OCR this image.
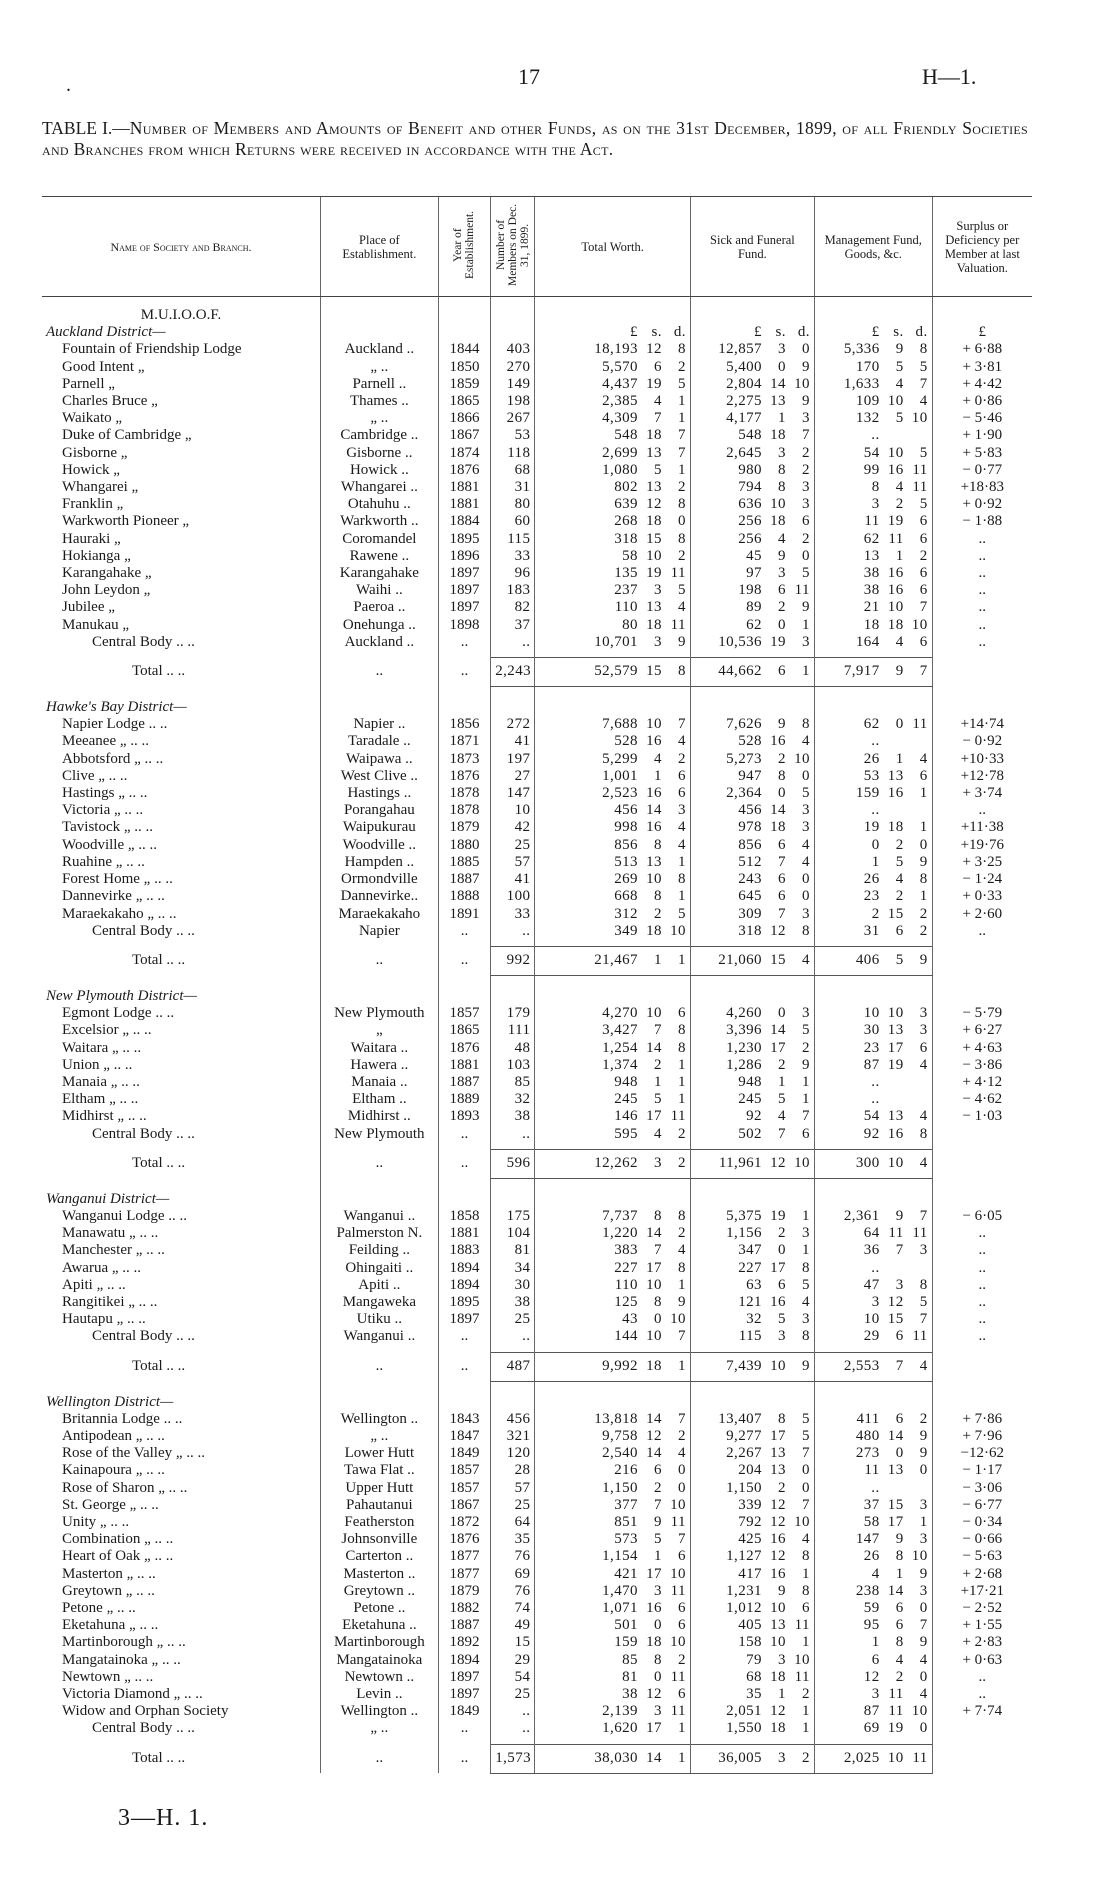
.	17	H—1.
TABLE I.—Number of Members and Amounts of Benefit and other Funds, as on the 31st December, 1899, of all Friendly Societies and Branches from which Returns were received in accordance with the Act.
Name of Society and Branch.	Place of Establishment.	Year of Establishment.	Number of Members on Dec. 31, 1899.	Total Worth.	Sick and Funeral Fund.	Management Fund, Goods, &c.	Surplus or Deficiency per Member at last Valuation.

M.U.I.O.O.F.							
Auckland District—				£ s. d.	£ s. d.	£ s. d.	£
Fountain of Friendship Lodge	Auckland ..	1844	403	18,193 12 8	12,857 3 0	5,336 9 8	+ 6·88
Good Intent „	„ ..	1850	270	5,570 6 2	5,400 0 9	170 5 5	+ 3·81
Parnell „	Parnell ..	1859	149	4,437 19 5	2,804 14 10	1,633 4 7	+ 4·42
Charles Bruce „	Thames ..	1865	198	2,385 4 1	2,275 13 9	109 10 4	+ 0·86
Waikato „	„ ..	1866	267	4,309 7 1	4,177 1 3	132 5 10	− 5·46
Duke of Cambridge „	Cambridge ..	1867	53	548 18 7	548 18 7	..	+ 1·90
Gisborne „	Gisborne ..	1874	118	2,699 13 7	2,645 3 2	54 10 5	+ 5·83
Howick „	Howick ..	1876	68	1,080 5 1	980 8 2	99 16 11	− 0·77
Whangarei „	Whangarei ..	1881	31	802 13 2	794 8 3	8 4 11	+18·83
Franklin „	Otahuhu ..	1881	80	639 12 8	636 10 3	3 2 5	+ 0·92
Warkworth Pioneer „	Warkworth ..	1884	60	268 18 0	256 18 6	11 19 6	− 1·88
Hauraki „	Coromandel	1895	115	318 15 8	256 4 2	62 11 6	..
Hokianga „	Rawene ..	1896	33	58 10 2	45 9 0	13 1 2	..
Karangahake „	Karangahake	1897	96	135 19 11	97 3 5	38 16 6	..
John Leydon „	Waihi ..	1897	183	237 3 5	198 6 11	38 16 6	..
Jubilee „	Paeroa ..	1897	82	110 13 4	89 2 9	21 10 7	..
Manukau „	Onehunga ..	1898	37	80 18 11	62 0 1	18 18 10	..
Central Body .. ..	Auckland ..	..	..	10,701 3 9	10,536 19 3	164 4 6	..

Total .. ..	..	..	2,243	52,579 15 8	44,662 6 1	7,917 9 7	

Hawke's Bay District—							
Napier Lodge .. ..	Napier ..	1856	272	7,688 10 7	7,626 9 8	62 0 11	+14·74
Meeanee „ .. ..	Taradale ..	1871	41	528 16 4	528 16 4	..	− 0·92
Abbotsford „ .. ..	Waipawa ..	1873	197	5,299 4 2	5,273 2 10	26 1 4	+10·33
Clive „ .. ..	West Clive ..	1876	27	1,001 1 6	947 8 0	53 13 6	+12·78
Hastings „ .. ..	Hastings ..	1878	147	2,523 16 6	2,364 0 5	159 16 1	+ 3·74
Victoria „ .. ..	Porangahau	1878	10	456 14 3	456 14 3	..	..
Tavistock „ .. ..	Waipukurau	1879	42	998 16 4	978 18 3	19 18 1	+11·38
Woodville „ .. ..	Woodville ..	1880	25	856 8 4	856 6 4	0 2 0	+19·76
Ruahine „ .. ..	Hampden ..	1885	57	513 13 1	512 7 4	1 5 9	+ 3·25
Forest Home „ .. ..	Ormondville	1887	41	269 10 8	243 6 0	26 4 8	− 1·24
Dannevirke „ .. ..	Dannevirke..	1888	100	668 8 1	645 6 0	23 2 1	+ 0·33
Maraekakaho „ .. ..	Maraekakaho	1891	33	312 2 5	309 7 3	2 15 2	+ 2·60
Central Body .. ..	Napier	..	..	349 18 10	318 12 8	31 6 2	..

Total .. ..	..	..	992	21,467 1 1	21,060 15 4	406 5 9	

New Plymouth District—							
Egmont Lodge .. ..	New Plymouth	1857	179	4,270 10 6	4,260 0 3	10 10 3	− 5·79
Excelsior „ .. ..	„	1865	111	3,427 7 8	3,396 14 5	30 13 3	+ 6·27
Waitara „ .. ..	Waitara ..	1876	48	1,254 14 8	1,230 17 2	23 17 6	+ 4·63
Union „ .. ..	Hawera ..	1881	103	1,374 2 1	1,286 2 9	87 19 4	− 3·86
Manaia „ .. ..	Manaia ..	1887	85	948 1 1	948 1 1	..	+ 4·12
Eltham „ .. ..	Eltham ..	1889	32	245 5 1	245 5 1	..	− 4·62
Midhirst „ .. ..	Midhirst ..	1893	38	146 17 11	92 4 7	54 13 4	− 1·03
Central Body .. ..	New Plymouth	..	..	595 4 2	502 7 6	92 16 8	

Total .. ..	..	..	596	12,262 3 2	11,961 12 10	300 10 4	

Wanganui District—							
Wanganui Lodge .. ..	Wanganui ..	1858	175	7,737 8 8	5,375 19 1	2,361 9 7	− 6·05
Manawatu „ .. ..	Palmerston N.	1881	104	1,220 14 2	1,156 2 3	64 11 11	..
Manchester „ .. ..	Feilding ..	1883	81	383 7 4	347 0 1	36 7 3	..
Awarua „ .. ..	Ohingaiti ..	1894	34	227 17 8	227 17 8	..	..
Apiti „ .. ..	Apiti ..	1894	30	110 10 1	63 6 5	47 3 8	..
Rangitikei „ .. ..	Mangaweka	1895	38	125 8 9	121 16 4	3 12 5	..
Hautapu „ .. ..	Utiku ..	1897	25	43 0 10	32 5 3	10 15 7	..
Central Body .. ..	Wanganui ..	..	..	144 10 7	115 3 8	29 6 11	..

Total .. ..	..	..	487	9,992 18 1	7,439 10 9	2,553 7 4	

Wellington District—							
Britannia Lodge .. ..	Wellington ..	1843	456	13,818 14 7	13,407 8 5	411 6 2	+ 7·86
Antipodean „ .. ..	„ ..	1847	321	9,758 12 2	9,277 17 5	480 14 9	+ 7·96
Rose of the Valley „ .. ..	Lower Hutt	1849	120	2,540 14 4	2,267 13 7	273 0 9	−12·62
Kainapoura „ .. ..	Tawa Flat ..	1857	28	216 6 0	204 13 0	11 13 0	− 1·17
Rose of Sharon „ .. ..	Upper Hutt	1857	57	1,150 2 0	1,150 2 0	..	− 3·06
St. George „ .. ..	Pahautanui	1867	25	377 7 10	339 12 7	37 15 3	− 6·77
Unity „ .. ..	Featherston	1872	64	851 9 11	792 12 10	58 17 1	− 0·34
Combination „ .. ..	Johnsonville	1876	35	573 5 7	425 16 4	147 9 3	− 0·66
Heart of Oak „ .. ..	Carterton ..	1877	76	1,154 1 6	1,127 12 8	26 8 10	− 5·63
Masterton „ .. ..	Masterton ..	1877	69	421 17 10	417 16 1	4 1 9	+ 2·68
Greytown „ .. ..	Greytown ..	1879	76	1,470 3 11	1,231 9 8	238 14 3	+17·21
Petone „ .. ..	Petone ..	1882	74	1,071 16 6	1,012 10 6	59 6 0	− 2·52
Eketahuna „ .. ..	Eketahuna ..	1887	49	501 0 6	405 13 11	95 6 7	+ 1·55
Martinborough „ .. ..	Martinborough	1892	15	159 18 10	158 10 1	1 8 9	+ 2·83
Mangatainoka „ .. ..	Mangatainoka	1894	29	85 8 2	79 3 10	6 4 4	+ 0·63
Newtown „ .. ..	Newtown ..	1897	54	81 0 11	68 18 11	12 2 0	..
Victoria Diamond „ .. ..	Levin ..	1897	25	38 12 6	35 1 2	3 11 4	..
Widow and Orphan Society	Wellington ..	1849	..	2,139 3 11	2,051 12 1	87 11 10	+ 7·74
Central Body .. ..	„ ..	..	..	1,620 17 1	1,550 18 1	69 19 0	

Total .. ..	..	..	1,573	38,030 14 1	36,005 3 2	2,025 10 11	
3—H. 1.
